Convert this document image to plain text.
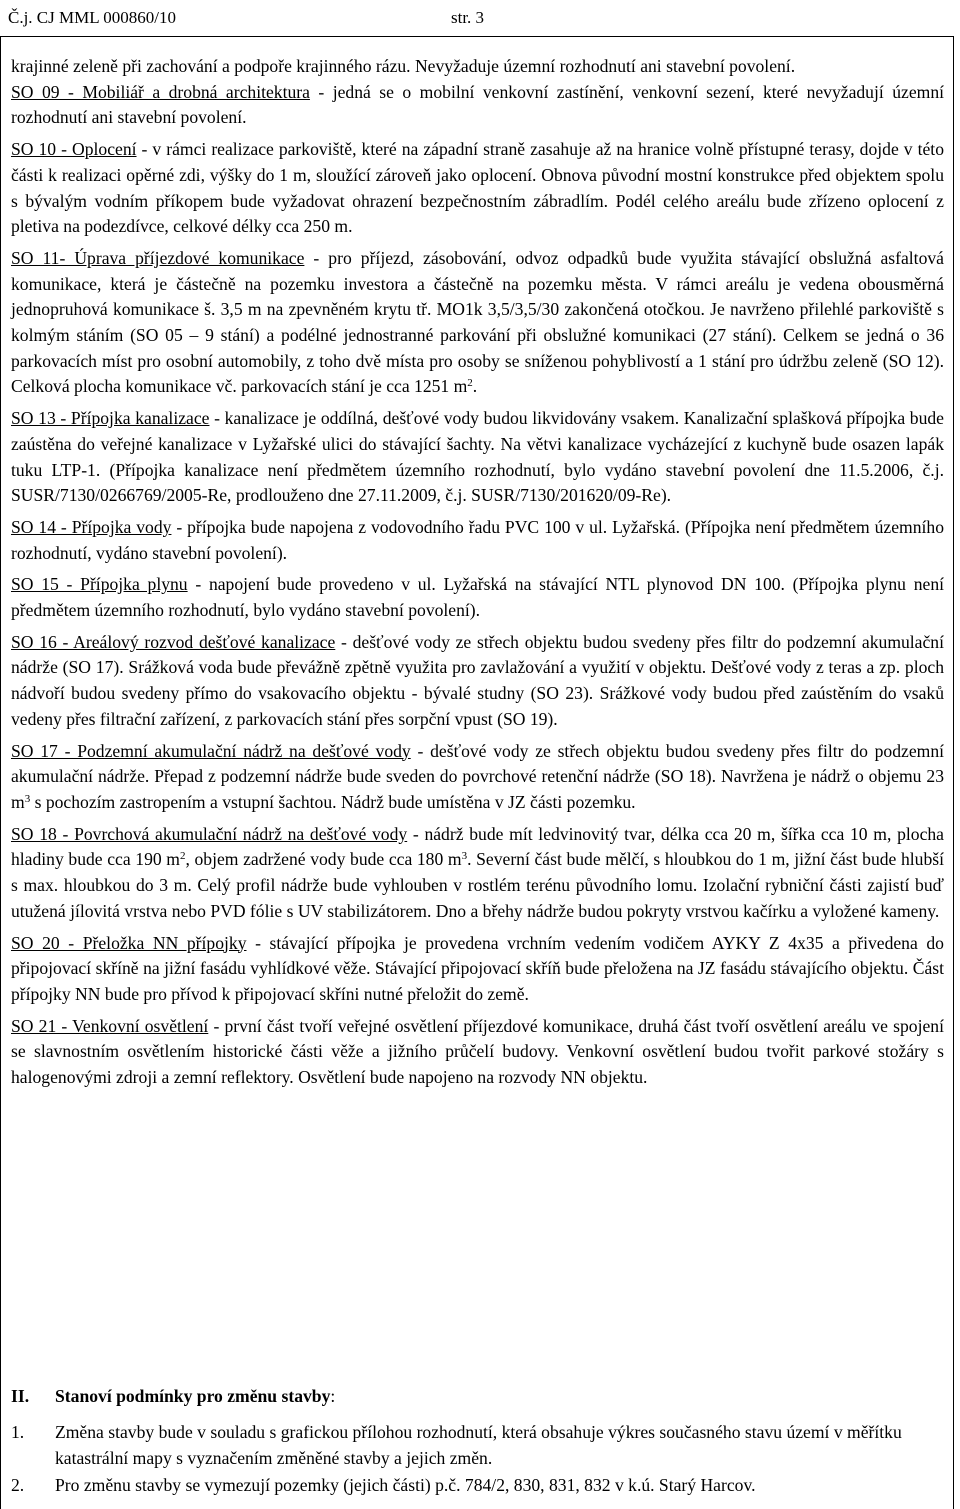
Č.j. CJ MML 000860/10	str. 3

krajinné zeleně při zachování a podpoře krajinného rázu. Nevyžaduje územní rozhodnutí ani stavební povolení.

SO 09 - Mobiliář a drobná architektura - jedná se o mobilní venkovní zastínění, venkovní sezení, které nevyžadují územní rozhodnutí ani stavební povolení.

SO 10 - Oplocení - v rámci realizace parkoviště, které na západní straně zasahuje až na hranice volně přístupné terasy, dojde v této části k realizaci opěrné zdi, výšky do 1 m, sloužící zároveň jako oplocení. Obnova původní mostní konstrukce před objektem spolu s bývalým vodním příkopem bude vyžadovat ohrazení bezpečnostním zábradlím. Podél celého areálu bude zřízeno oplocení z pletiva na podezdívce, celkové délky cca 250 m.

SO 11- Úprava příjezdové komunikace - pro příjezd, zásobování, odvoz odpadků bude využita stávající obslužná asfaltová komunikace, která je částečně na pozemku investora a částečně na pozemku města. V rámci areálu je vedena obousměrná jednopruhová komunikace š. 3,5 m na zpevněném krytu tř. MO1k 3,5/3,5/30 zakončená otočkou. Je navrženo přilehlé parkoviště s kolmým stáním (SO 05 – 9 stání) a podélné jednostranné parkování při obslužné komunikaci (27 stání). Celkem se jedná o 36 parkovacích míst pro osobní automobily, z toho dvě místa pro osoby se sníženou pohyblivostí a 1 stání pro údržbu zeleně (SO 12). Celková plocha komunikace vč. parkovacích stání je cca 1251 $m^2$.

SO 13 - Přípojka kanalizace - kanalizace je oddílná, dešťové vody budou likvidovány vsakem. Kanalizační splašková přípojka bude zaústěna do veřejné kanalizace v Lyžařské ulici do stávající šachty. Na větvi kanalizace vycházející z kuchyně bude osazen lapák tuku LTP-1. (Přípojka kanalizace není předmětem územního rozhodnutí, bylo vydáno stavební povolení dne 11.5.2006, č.j. SUSR/7130/0266769/2005-Re, prodlouženo dne 27.11.2009, č.j. SUSR/7130/201620/09-Re).

SO 14 - Přípojka vody - přípojka bude napojena z vodovodního řadu PVC 100 v ul. Lyžařská. (Přípojka není předmětem územního rozhodnutí, vydáno stavební povolení).

SO 15 - Přípojka plynu - napojení bude provedeno v ul. Lyžařská na stávající NTL plynovod DN 100. (Přípojka plynu není předmětem územního rozhodnutí, bylo vydáno stavební povolení).

SO 16 - Areálový rozvod dešťové kanalizace - dešťové vody ze střech objektu budou svedeny přes filtr do podzemní akumulační nádrže (SO 17). Srážková voda bude převážně zpětně využita pro zavlažování a využití v objektu. Dešťové vody z teras a zp. ploch nádvoří budou svedeny přímo do vsakovacího objektu - bývalé studny (SO 23). Srážkové vody budou před zaústěním do vsaků vedeny přes filtrační zařízení, z parkovacích stání přes sorpční vpust (SO 19).

SO 17 - Podzemní akumulační nádrž na dešťové vody - dešťové vody ze střech objektu budou svedeny přes filtr do podzemní akumulační nádrže. Přepad z podzemní nádrže bude sveden do povrchové retenční nádrže (SO 18). Navržena je nádrž o objemu 23 $m^3$ s pochozím zastropením a vstupní šachtou. Nádrž bude umístěna v JZ části pozemku.

SO 18 - Povrchová akumulační nádrž na dešťové vody - nádrž bude mít ledvinovitý tvar, délka cca 20 m, šířka cca 10 m, plocha hladiny bude cca 190 $m^2$, objem zadržené vody bude cca 180 $m^3$. Severní část bude mělčí, s hloubkou do 1 m, jižní část bude hlubší s max. hloubkou do 3 m. Celý profil nádrže bude vyhlouben v rostlém terénu původního lomu. Izolační rybniční části zajistí buď utužená jílovitá vrstva nebo PVD fólie s UV stabilizátorem. Dno a břehy nádrže budou pokryty vrstvou kačírku a vyložené kameny.

SO 20 - Přeložka NN přípojky - stávající přípojka je provedena vrchním vedením vodičem AYKY Z 4x35 a přivedena do připojovací skříně na jižní fasádu vyhlídkové věže. Stávající připojovací skříň bude přeložena na JZ fasádu stávajícího objektu. Část přípojky NN bude pro přívod k připojovací skříni nutné přeložit do země.

SO 21 - Venkovní osvětlení - první část tvoří veřejné osvětlení příjezdové komunikace, druhá část tvoří osvětlení areálu ve spojení se slavnostním osvětlením historické části věže a jižního průčelí budovy. Venkovní osvětlení budou tvořit parkové stožáry s halogenovými zdroji a zemní reflektory. Osvětlení bude napojeno na rozvody NN objektu.

II. Stanoví podmínky pro změnu stavby:
1. Změna stavby bude v souladu s grafickou přílohou rozhodnutí, která obsahuje výkres současného stavu území v měřítku katastrální mapy s vyznačením změněné stavby a jejich změn.
2. Pro změnu stavby se vymezují pozemky (jejich části) p.č. 784/2, 830, 831, 832 v k.ú. Starý Harcov.
